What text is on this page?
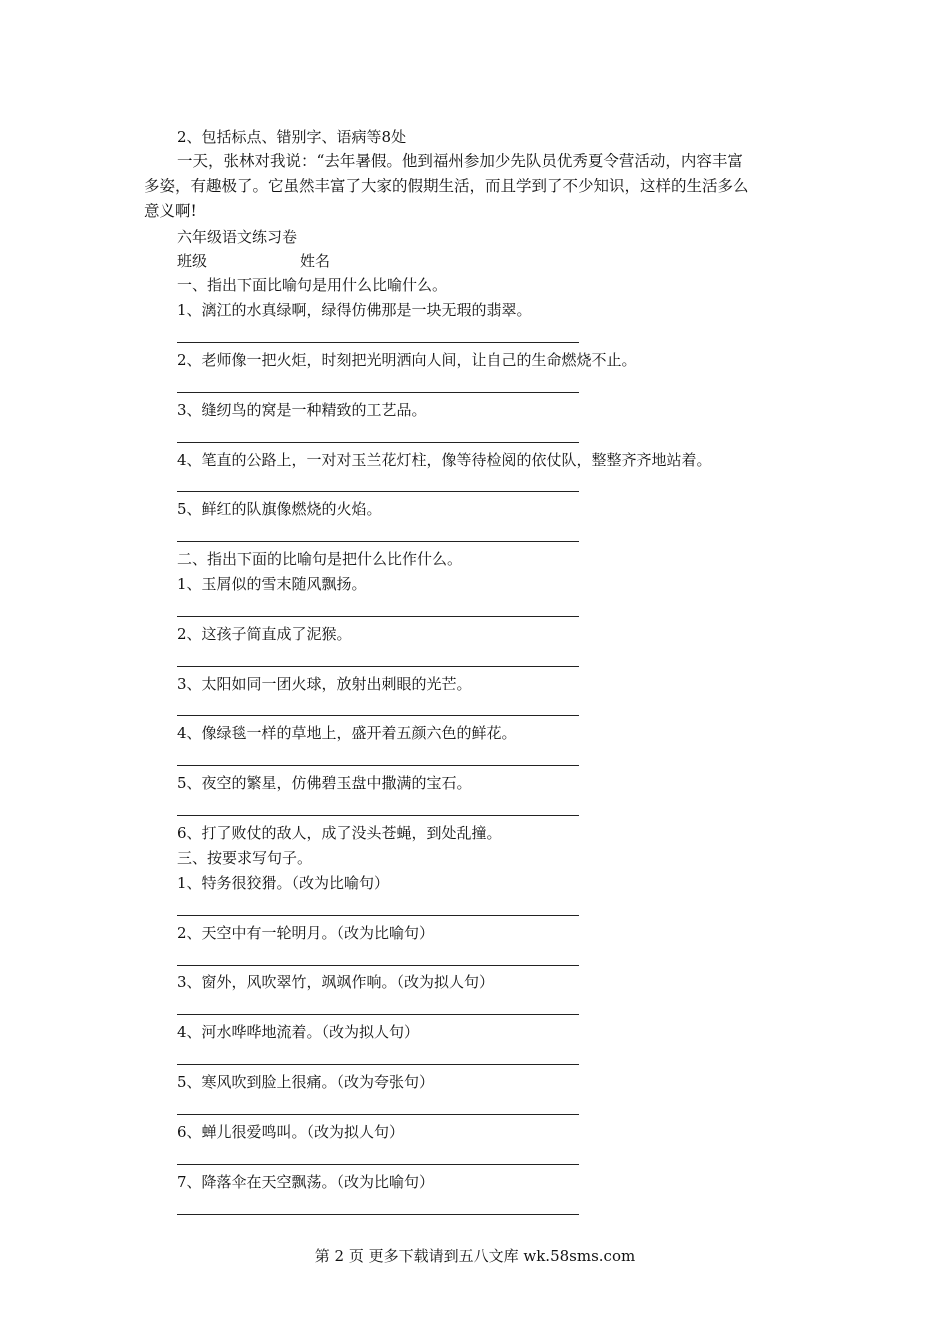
2、包括标点、错别字、语病等8处
一天，张林对我说：“去年暑假。他到福州参加少先队员优秀夏令营活动，内容丰富
多姿，有趣极了。它虽然丰富了大家的假期生活，而且学到了不少知识，这样的生活多么
意义啊!
六年级语文练习卷
班级	姓名
一、指出下面比喻句是用什么比喻什么。
1、漓江的水真绿啊，绿得仿佛那是一块无瑕的翡翠。
2、老师像一把火炬，时刻把光明洒向人间，让自己的生命燃烧不止。
3、缝纫鸟的窝是一种精致的工艺品。
4、笔直的公路上，一对对玉兰花灯柱，像等待检阅的依仗队，整整齐齐地站着。
5、鲜红的队旗像燃烧的火焰。
二、指出下面的比喻句是把什么比作什么。
1、玉屑似的雪末随风飘扬。
2、这孩子简直成了泥猴。
3、太阳如同一团火球，放射出刺眼的光芒。
4、像绿毯一样的草地上，盛开着五颜六色的鲜花。
5、夜空的繁星，仿佛碧玉盘中撒满的宝石。
6、打了败仗的敌人，成了没头苍蝇，到处乱撞。
三、按要求写句子。
1、特务很狡猾。（改为比喻句）
2、天空中有一轮明月。（改为比喻句）
3、窗外，风吹翠竹，飒飒作响。（改为拟人句）
4、河水哗哗地流着。（改为拟人句）
5、寒风吹到脸上很痛。（改为夸张句）
6、蝉儿很爱鸣叫。（改为拟人句）
7、降落伞在天空飘荡。（改为比喻句）
第 2 页 更多下载请到五八文库 wk.58sms.com
